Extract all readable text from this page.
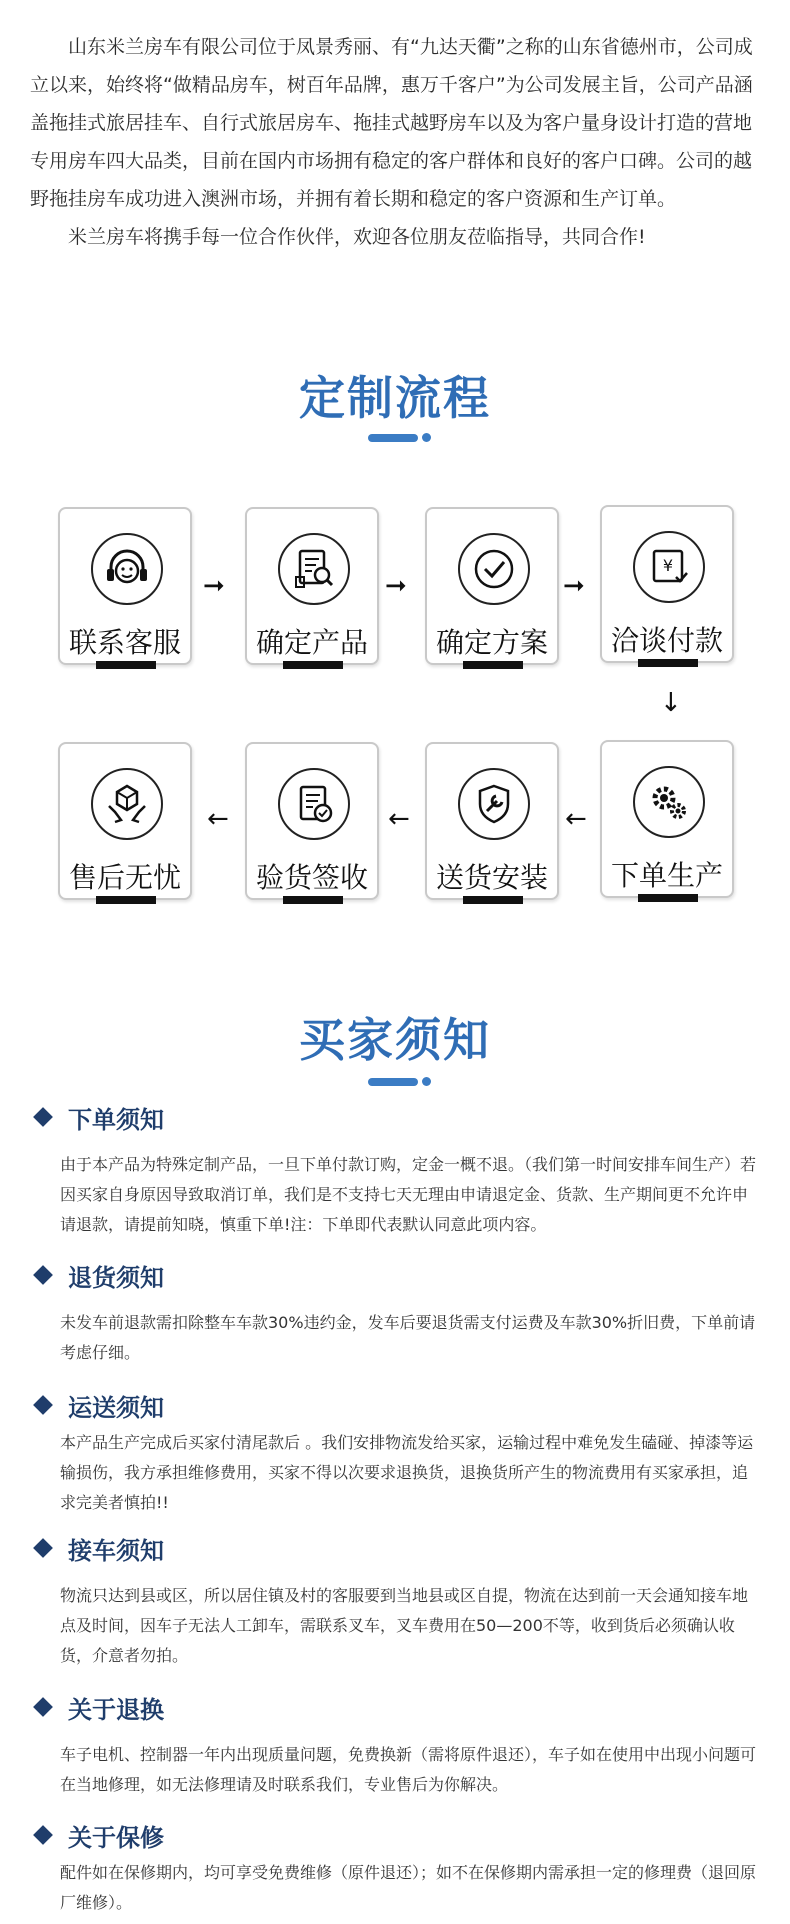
山东米兰房车有限公司位于凤景秀丽、有“九达天衢”之称的山东省德州市，公司成立以来，始终将“做精品房车，树百年品牌，惠万千客户”为公司发展主旨，公司产品涵盖拖挂式旅居挂车、自行式旅居房车、拖挂式越野房车以及为客户量身设计打造的营地专用房车四大品类，目前在国内市场拥有稳定的客户群体和良好的客户口碑。公司的越野拖挂房车成功进入澳洲市场，并拥有着长期和稳定的客户资源和生产订单。

米兰房车将携手每一位合作伙伴，欢迎各位朋友莅临指导，共同合作!

定制流程
联系客服
➞
确定产品
➞
确定方案
➞
¥
洽谈付款
↓
售后无忧
←
验货签收
←
送货安装
←
下单生产
买家须知
下单须知
由于本产品为特殊定制产品，一旦下单付款订购，定金一概不退。（我们第一时间安排车间生产）若因买家自身原因导致取消订单，我们是不支持七天无理由申请退定金、货款、生产期间更不允许申请退款，请提前知晓，慎重下单!注：下单即代表默认同意此项内容。
退货须知
未发车前退款需扣除整车车款30%违约金，发车后要退货需支付运费及车款30%折旧费，下单前请考虑仔细。
运送须知
本产品生产完成后买家付清尾款后 。我们安排物流发给买家，运输过程中难免发生磕碰、掉漆等运输损伤，我方承担维修费用，买家不得以次要求退换货，退换货所产生的物流费用有买家承担，追求完美者慎拍!!
接车须知
物流只达到县或区，所以居住镇及村的客服要到当地县或区自提，物流在达到前一天会通知接车地点及时间，因车子无法人工卸车，需联系叉车，叉车费用在50—200不等，收到货后必须确认收货，介意者勿拍。
关于退换
车子电机、控制器一年内出现质量问题，免费换新（需将原件退还），车子如在使用中出现小问题可在当地修理，如无法修理请及时联系我们，专业售后为你解决。
关于保修
配件如在保修期内，均可享受免费维修（原件退还）；如不在保修期内需承担一定的修理费（退回原厂维修）。
